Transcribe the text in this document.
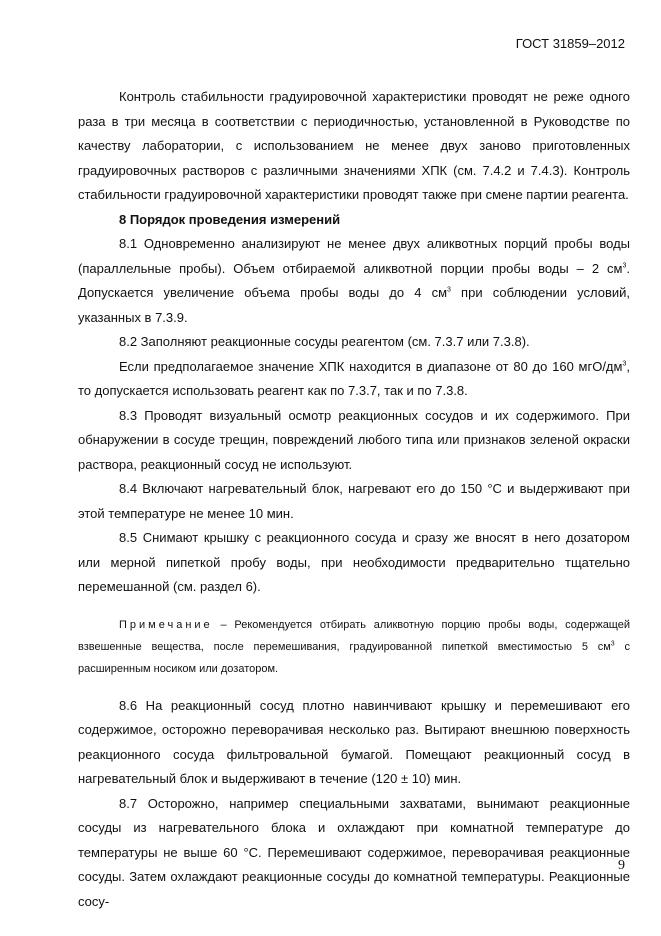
ГОСТ 31859–2012

Контроль стабильности градуировочной характеристики проводят не реже одного раза в три месяца в соответствии с периодичностью, установленной в Руководстве по качеству лаборатории, с использованием не менее двух заново приготовленных градуировочных растворов с различными значениями ХПК (см. 7.4.2 и 7.4.3). Контроль стабильности градуировочной характеристики проводят также при смене партии реагента.

8 Порядок проведения измерений

8.1 Одновременно анализируют не менее двух аликвотных порций пробы воды (параллельные пробы). Объем отбираемой аликвотной порции пробы воды – 2 $см^3$. Допускается увеличение объема пробы воды до 4 $см^3$ при соблюдении условий, указанных в 7.3.9.

8.2 Заполняют реакционные сосуды реагентом (см. 7.3.7 или 7.3.8).

Если предполагаемое значение ХПК находится в диапазоне от 80 до 160 мгО/$дм^3$, то допускается использовать реагент как по 7.3.7, так и по 7.3.8.

8.3 Проводят визуальный осмотр реакционных сосудов и их содержимого. При обнаружении в сосуде трещин, повреждений любого типа или признаков зеленой окраски раствора, реакционный сосуд не используют.

8.4 Включают нагревательный блок, нагревают его до 150 °С и выдерживают при этой температуре не менее 10 мин.

8.5 Снимают крышку с реакционного сосуда и сразу же вносят в него дозатором или мерной пипеткой пробу воды, при необходимости предварительно тщательно перемешанной (см. раздел 6).

Примечание – Рекомендуется отбирать аликвотную порцию пробы воды, содержащей взвешенные вещества, после перемешивания, градуированной пипеткой вместимостью 5 $см^3$ с расширенным носиком или дозатором.

8.6 На реакционный сосуд плотно навинчивают крышку и перемешивают его содержимое, осторожно переворачивая несколько раз. Вытирают внешнюю поверхность реакционного сосуда фильтровальной бумагой. Помещают реакционный сосуд в нагревательный блок и выдерживают в течение (120 ± 10) мин.

8.7 Осторожно, например специальными захватами, вынимают реакционные сосуды из нагревательного блока и охлаждают при комнатной температуре до температуры не выше 60 °С. Перемешивают содержимое, переворачивая реакционные сосуды. Затем охлаждают реакционные сосуды до комнатной температуры. Реакционные сосу-

9
